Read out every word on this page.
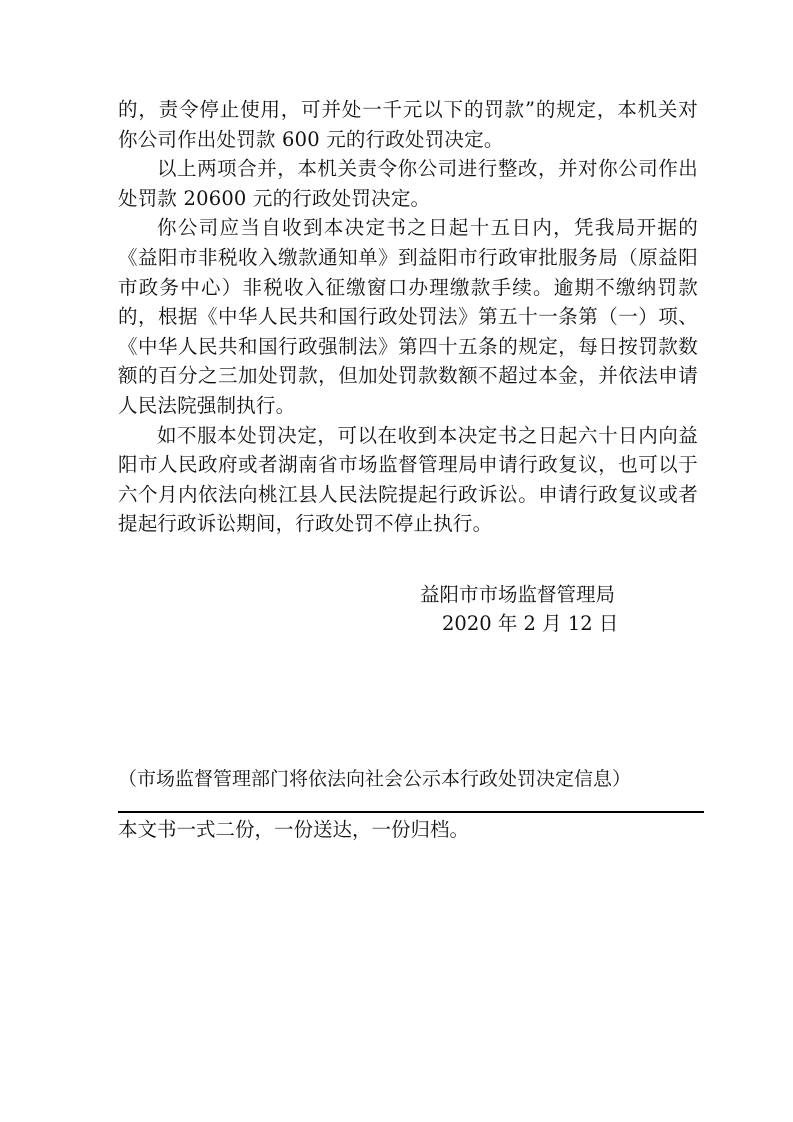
的，责令停止使用，可并处一千元以下的罚款”的规定，本机关对你公司作出处罚款 600 元的行政处罚决定。

以上两项合并，本机关责令你公司进行整改，并对你公司作出处罚款 20600 元的行政处罚决定。

你公司应当自收到本决定书之日起十五日内，凭我局开据的《益阳市非税收入缴款通知单》到益阳市行政审批服务局（原益阳市政务中心）非税收入征缴窗口办理缴款手续。逾期不缴纳罚款的，根据《中华人民共和国行政处罚法》第五十一条第（一）项、《中华人民共和国行政强制法》第四十五条的规定，每日按罚款数额的百分之三加处罚款，但加处罚款数额不超过本金，并依法申请人民法院强制执行。

如不服本处罚决定，可以在收到本决定书之日起六十日内向益阳市人民政府或者湖南省市场监督管理局申请行政复议，也可以于六个月内依法向桃江县人民法院提起行政诉讼。申请行政复议或者提起行政诉讼期间，行政处罚不停止执行。

益阳市市场监督管理局
2020 年 2 月 12 日
（市场监督管理部门将依法向社会公示本行政处罚决定信息）
本文书一式二份，一份送达，一份归档。
